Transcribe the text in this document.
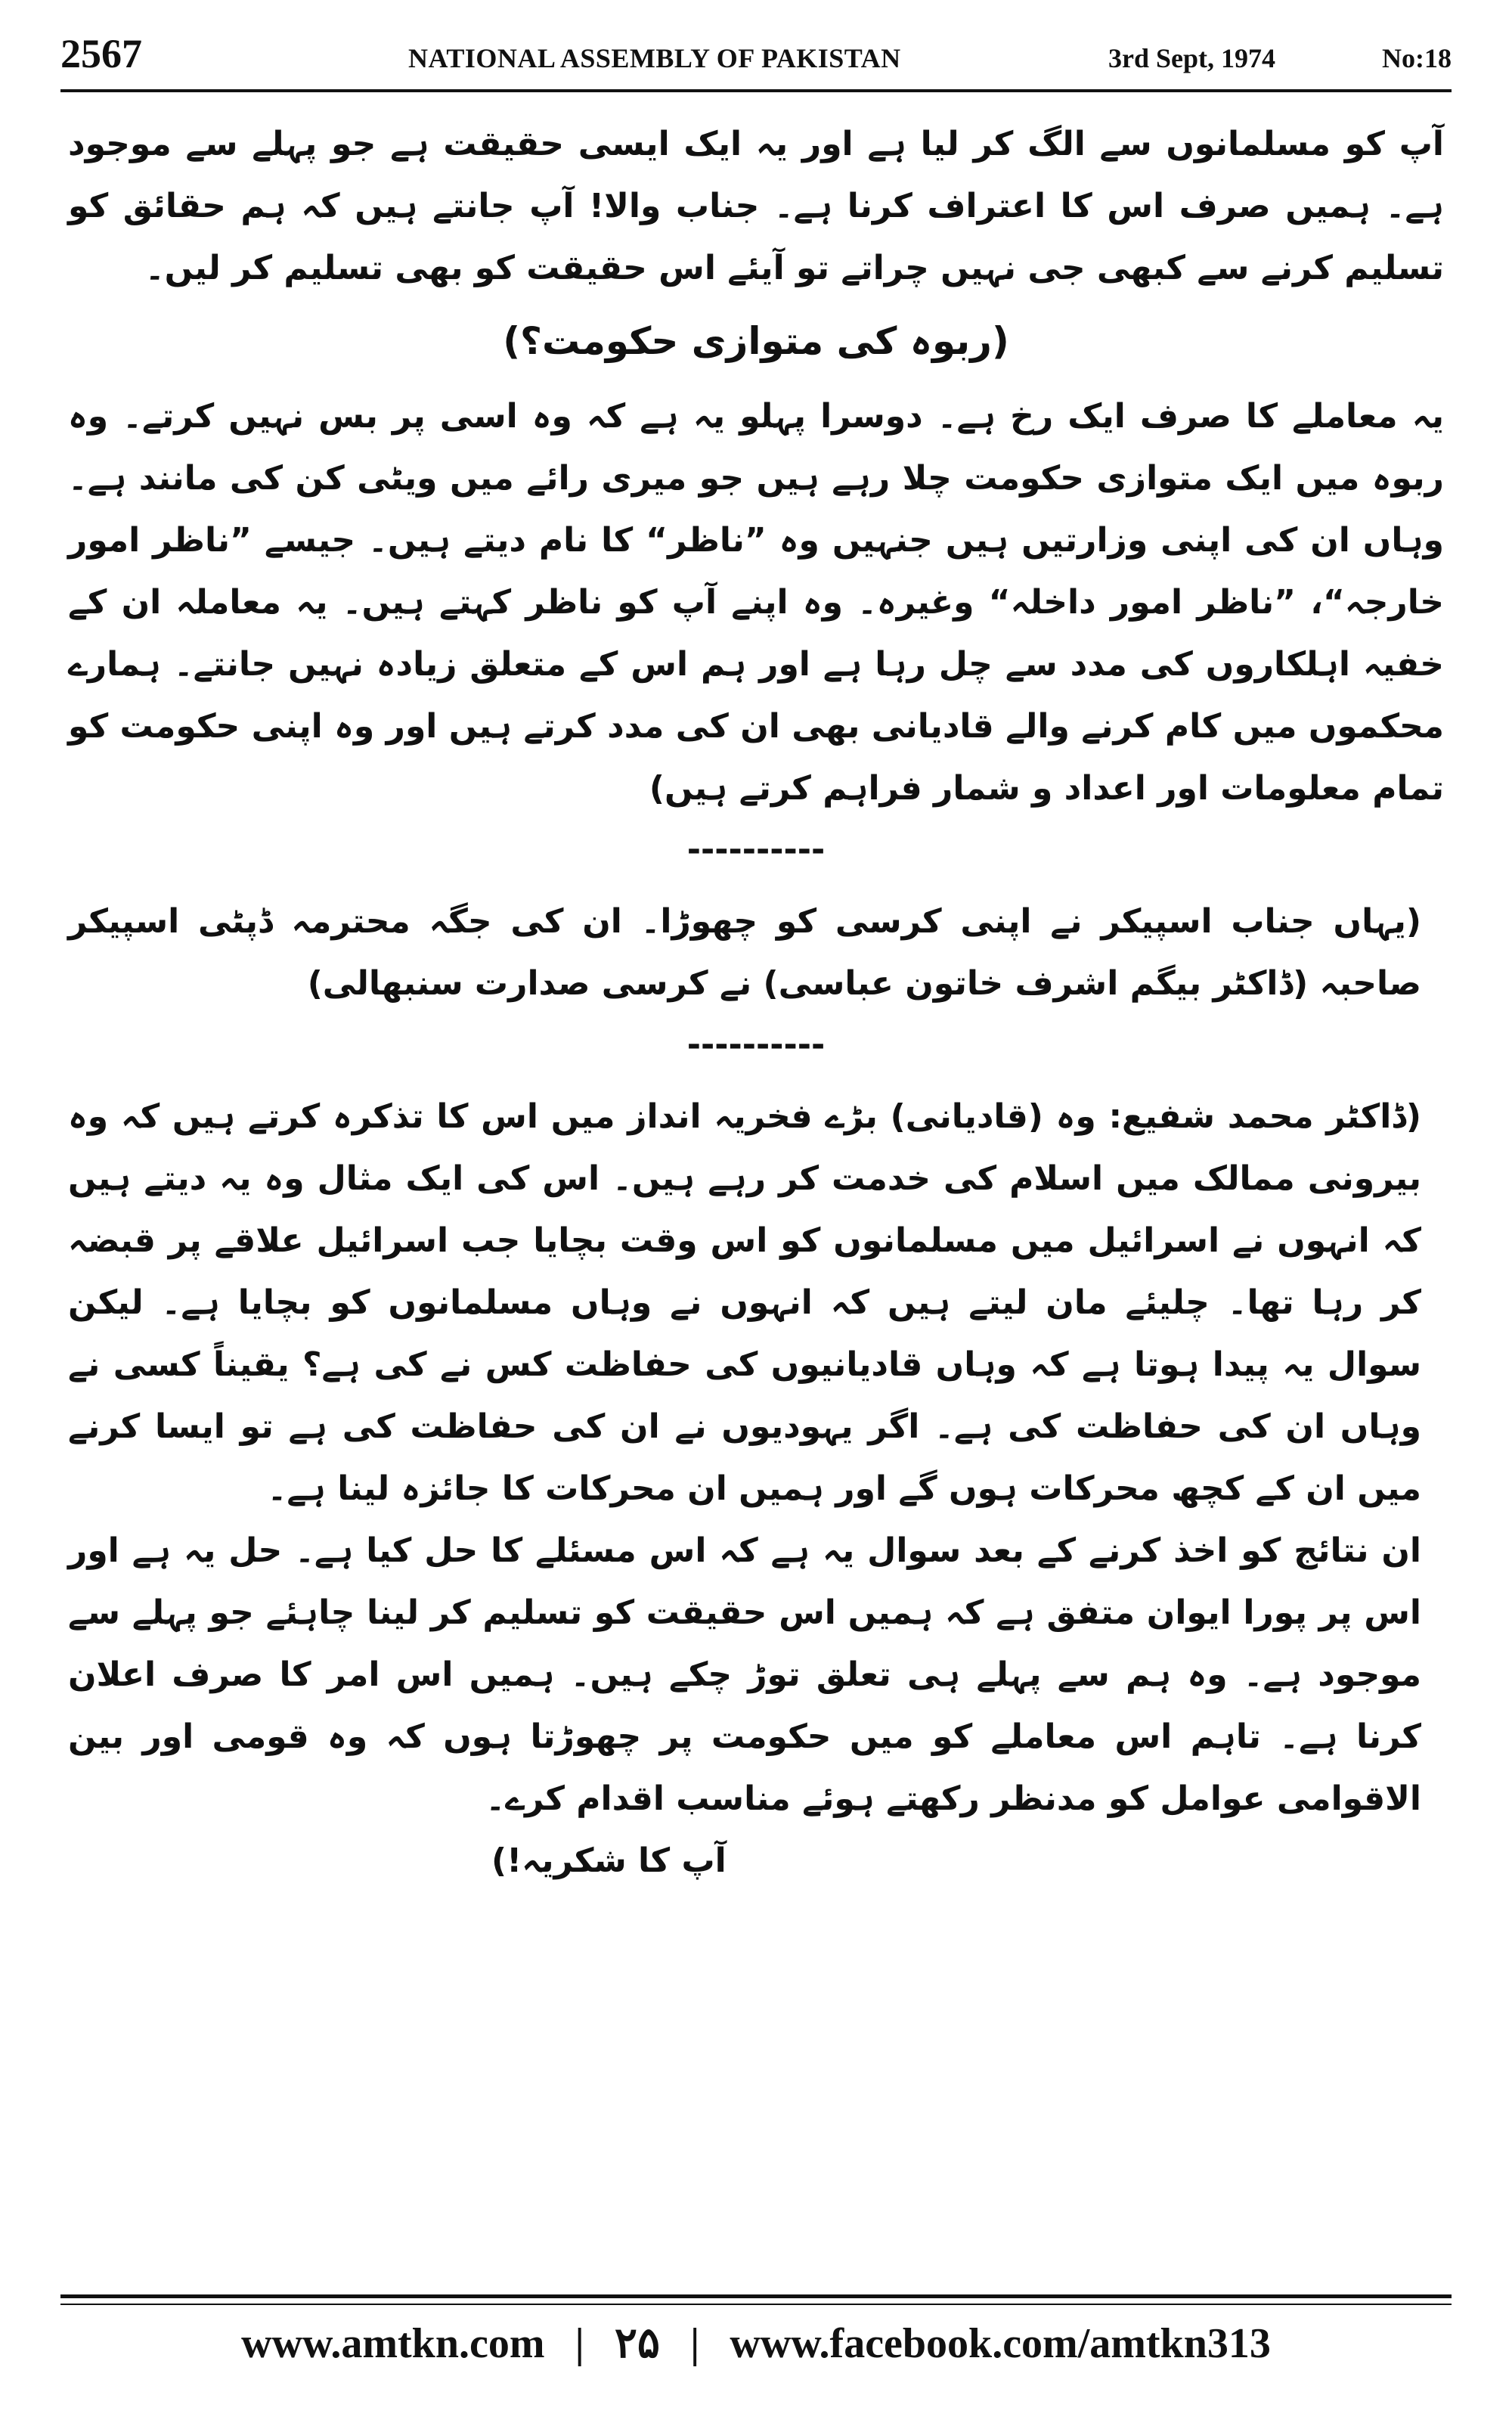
2567	NATIONAL ASSEMBLY OF PAKISTAN	3rd Sept, 1974	No:18

آپ کو مسلمانوں سے الگ کر لیا ہے اور یہ ایک ایسی حقیقت ہے جو پہلے سے موجود ہے۔ ہمیں صرف اس کا اعتراف کرنا ہے۔ جناب والا! آپ جانتے ہیں کہ ہم حقائق کو تسلیم کرنے سے کبھی جی نہیں چراتے تو آیئے اس حقیقت کو بھی تسلیم کر لیں۔

(ربوہ کی متوازی حکومت؟)

یہ معاملے کا صرف ایک رخ ہے۔ دوسرا پہلو یہ ہے کہ وہ اسی پر بس نہیں کرتے۔ وہ ربوہ میں ایک متوازی حکومت چلا رہے ہیں جو میری رائے میں ویٹی کن کی مانند ہے۔ وہاں ان کی اپنی وزارتیں ہیں جنہیں وہ ”ناظر“ کا نام دیتے ہیں۔ جیسے ”ناظر امور خارجہ“، ”ناظر امور داخلہ“ وغیرہ۔ وہ اپنے آپ کو ناظر کہتے ہیں۔ یہ معاملہ ان کے خفیہ اہلکاروں کی مدد سے چل رہا ہے اور ہم اس کے متعلق زیادہ نہیں جانتے۔ ہمارے محکموں میں کام کرنے والے قادیانی بھی ان کی مدد کرتے ہیں اور وہ اپنی حکومت کو تمام معلومات اور اعداد و شمار فراہم کرتے ہیں)

----------

(یہاں جناب اسپیکر نے اپنی کرسی کو چھوڑا۔ ان کی جگہ محترمہ ڈپٹی اسپیکر صاحبہ (ڈاکٹر بیگم اشرف خاتون عباسی) نے کرسی صدارت سنبھالی)

----------

(ڈاکٹر محمد شفیع: وہ (قادیانی) بڑے فخریہ انداز میں اس کا تذکرہ کرتے ہیں کہ وہ بیرونی ممالک میں اسلام کی خدمت کر رہے ہیں۔ اس کی ایک مثال وہ یہ دیتے ہیں کہ انہوں نے اسرائیل میں مسلمانوں کو اس وقت بچایا جب اسرائیل علاقے پر قبضہ کر رہا تھا۔ چلیئے مان لیتے ہیں کہ انہوں نے وہاں مسلمانوں کو بچایا ہے۔ لیکن سوال یہ پیدا ہوتا ہے کہ وہاں قادیانیوں کی حفاظت کس نے کی ہے؟ یقیناً کسی نے وہاں ان کی حفاظت کی ہے۔ اگر یہودیوں نے ان کی حفاظت کی ہے تو ایسا کرنے میں ان کے کچھ محرکات ہوں گے اور ہمیں ان محرکات کا جائزہ لینا ہے۔

ان نتائج کو اخذ کرنے کے بعد سوال یہ ہے کہ اس مسئلے کا حل کیا ہے۔ حل یہ ہے اور اس پر پورا ایوان متفق ہے کہ ہمیں اس حقیقت کو تسلیم کر لینا چاہئے جو پہلے سے موجود ہے۔ وہ ہم سے پہلے ہی تعلق توڑ چکے ہیں۔ ہمیں اس امر کا صرف اعلان کرنا ہے۔ تاہم اس معاملے کو میں حکومت پر چھوڑتا ہوں کہ وہ قومی اور بین الاقوامی عوامل کو مدنظر رکھتے ہوئے مناسب اقدام کرے۔

آپ کا شکریہ!)

www.amtkn.com | ۲۵ | www.facebook.com/amtkn313
